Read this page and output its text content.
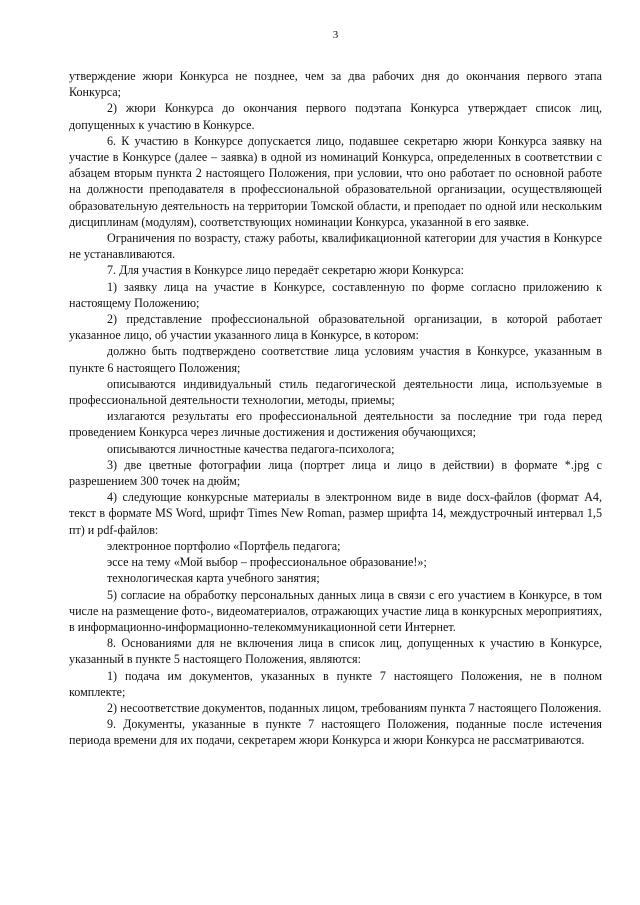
3

утверждение жюри Конкурса не позднее, чем за два рабочих дня до окончания первого этапа Конкурса;

2) жюри Конкурса до окончания первого подэтапа Конкурса утверждает список лиц, допущенных к участию в Конкурсе.

6. К участию в Конкурсе допускается лицо, подавшее секретарю жюри Конкурса заявку на участие в Конкурсе (далее – заявка) в одной из номинаций Конкурса, определенных в соответствии с абзацем вторым пункта 2 настоящего Положения, при условии, что оно работает по основной работе на должности преподавателя в профессиональной образовательной организации, осуществляющей образовательную деятельность на территории Томской области, и преподает по одной или нескольким дисциплинам (модулям), соответствующих номинации Конкурса, указанной в его заявке.

Ограничения по возрасту, стажу работы, квалификационной категории для участия в Конкурсе не устанавливаются.

7. Для участия в Конкурсе лицо передаёт секретарю жюри Конкурса:

1) заявку лица на участие в Конкурсе, составленную по форме согласно приложению к настоящему Положению;

2) представление профессиональной образовательной организации, в которой работает указанное лицо, об участии указанного лица в Конкурсе, в котором:

должно быть подтверждено соответствие лица условиям участия в Конкурсе, указанным в пункте 6 настоящего Положения;

описываются индивидуальный стиль педагогической деятельности лица, используемые в профессиональной деятельности технологии, методы, приемы;

излагаются результаты его профессиональной деятельности за последние три года перед проведением Конкурса через личные достижения и достижения обучающихся;

описываются личностные качества педагога-психолога;

3) две цветные фотографии лица (портрет лица и лицо в действии) в формате *.jpg с разрешением 300 точек на дюйм;

4) следующие конкурсные материалы в электронном виде в виде docx-файлов (формат А4, текст в формате MS Word, шрифт Times New Roman, размер шрифта 14, междустрочный интервал 1,5 пт) и pdf-файлов:

электронное портфолио «Портфель педагога;

эссе на тему «Мой выбор – профессиональное образование!»;

технологическая карта учебного занятия;

5) согласие на обработку персональных данных лица в связи с его участием в Конкурсе, в том числе на размещение фото-, видеоматериалов, отражающих участие лица в конкурсных мероприятиях, в информационно-информационно-телекоммуникационной сети Интернет.

8. Основаниями для не включения лица в список лиц, допущенных к участию в Конкурсе, указанный в пункте 5 настоящего Положения, являются:

1) подача им документов, указанных в пункте 7 настоящего Положения, не в полном комплекте;

2) несоответствие документов, поданных лицом, требованиям пункта 7 настоящего Положения.

9. Документы, указанные в пункте 7 настоящего Положения, поданные после истечения периода времени для их подачи, секретарем жюри Конкурса и жюри Конкурса не рассматриваются.
